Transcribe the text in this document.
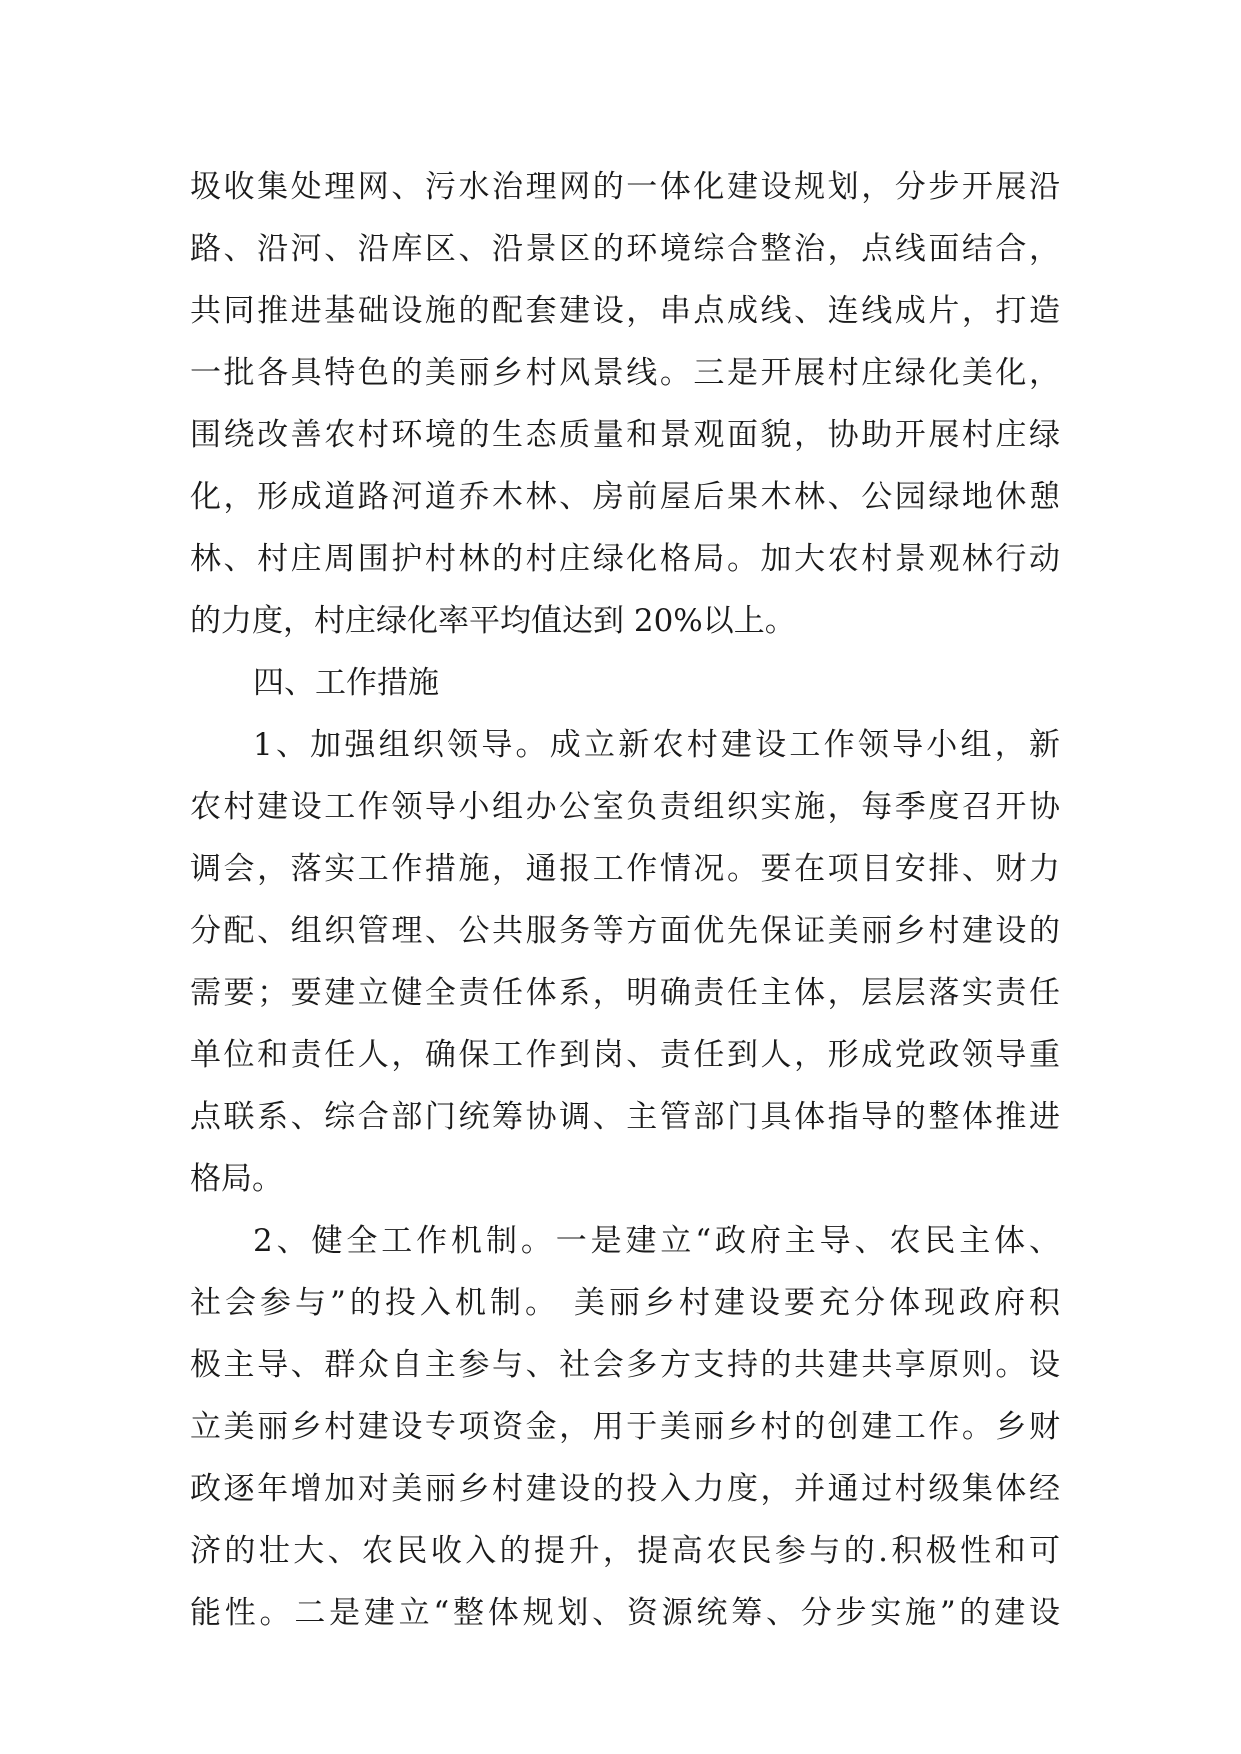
圾收集处理网、污水治理网的一体化建设规划，分步开展沿
路、沿河、沿库区、沿景区的环境综合整治，点线面结合，
共同推进基础设施的配套建设，串点成线、连线成片，打造
一批各具特色的美丽乡村风景线。三是开展村庄绿化美化，
围绕改善农村环境的生态质量和景观面貌，协助开展村庄绿
化，形成道路河道乔木林、房前屋后果木林、公园绿地休憩
林、村庄周围护村林的村庄绿化格局。加大农村景观林行动
的力度，村庄绿化率平均值达到 20%以上。
四、工作措施
1、加强组织领导。成立新农村建设工作领导小组，新
农村建设工作领导小组办公室负责组织实施，每季度召开协
调会，落实工作措施，通报工作情况。要在项目安排、财力
分配、组织管理、公共服务等方面优先保证美丽乡村建设的
需要；要建立健全责任体系，明确责任主体，层层落实责任
单位和责任人，确保工作到岗、责任到人，形成党政领导重
点联系、综合部门统筹协调、主管部门具体指导的整体推进
格局。
2、健全工作机制。一是建立“政府主导、农民主体、
社会参与”的投入机制。 美丽乡村建设要充分体现政府积
极主导、群众自主参与、社会多方支持的共建共享原则。设
立美丽乡村建设专项资金，用于美丽乡村的创建工作。乡财
政逐年增加对美丽乡村建设的投入力度，并通过村级集体经
济的壮大、农民收入的提升，提高农民参与的.积极性和可
能性。二是建立“整体规划、资源统筹、分步实施”的建设
